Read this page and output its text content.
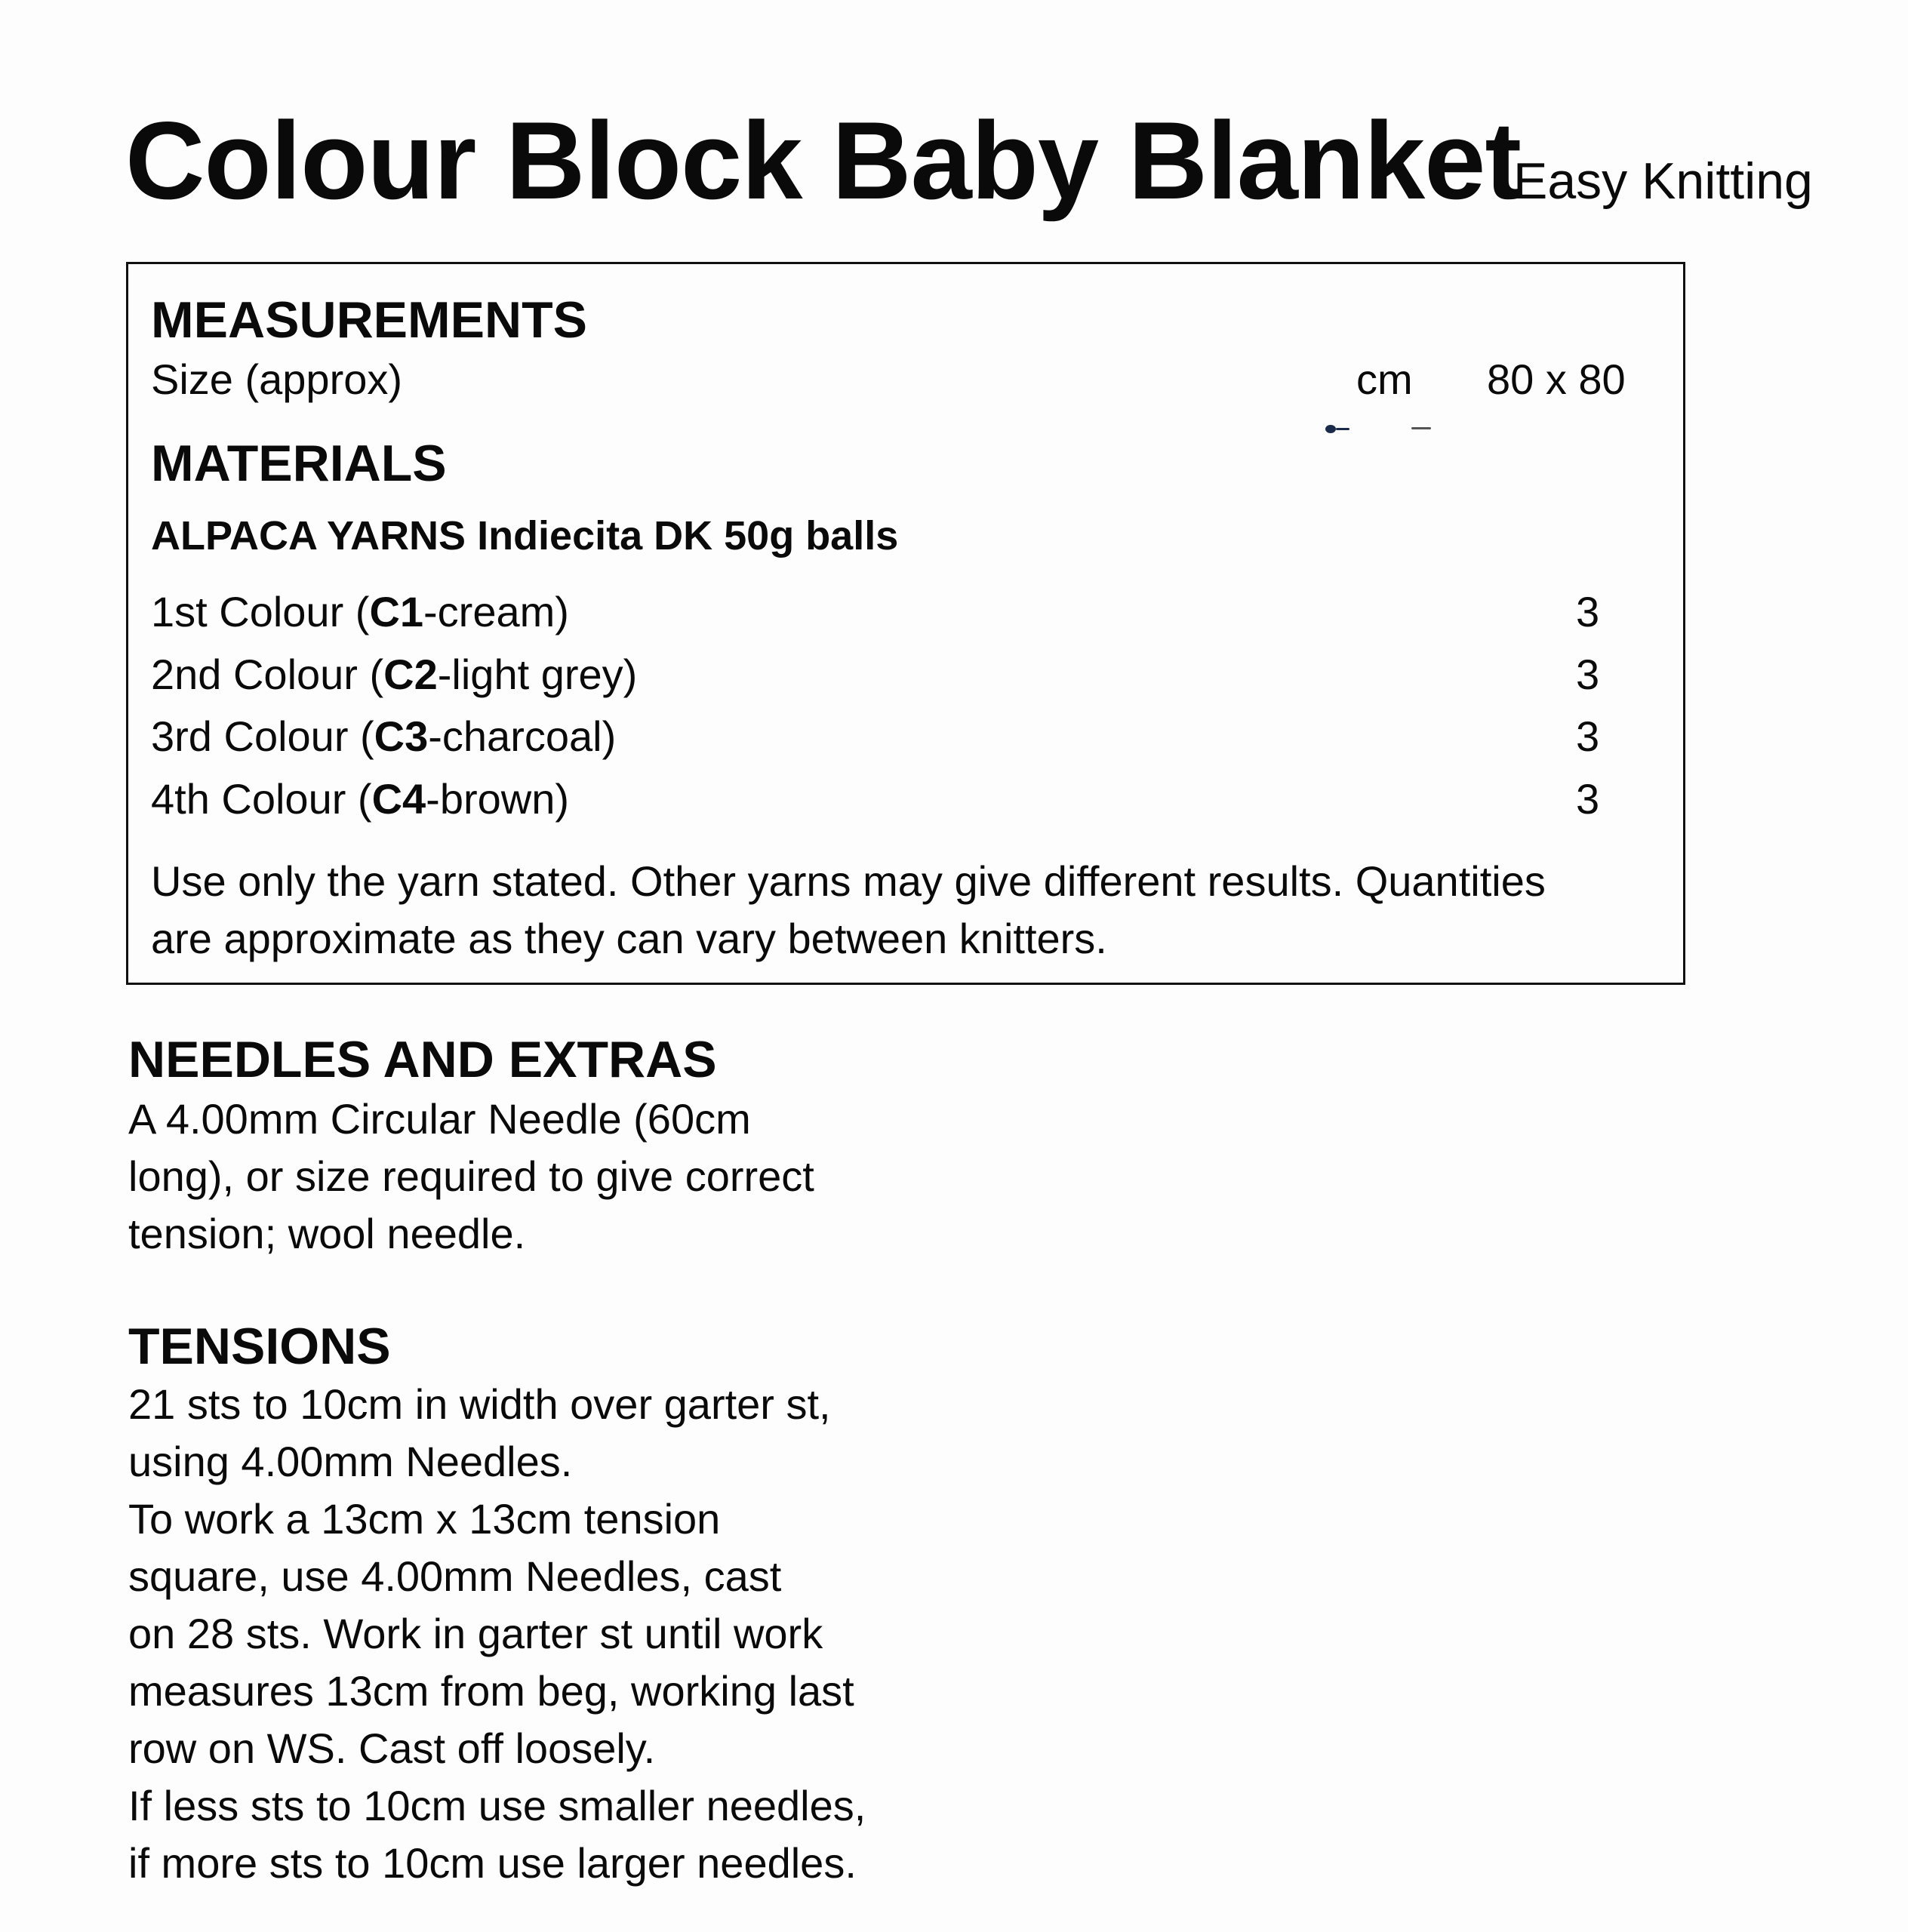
Colour Block Baby Blanket
Easy Knitting
MEASUREMENTS
Size (approx)	cm 80 x 80
MATERIALS
ALPACA YARNS Indiecita DK 50g balls
1st Colour (C1-cream)	3
2nd Colour (C2-light grey)	3
3rd Colour (C3-charcoal)	3
4th Colour (C4-brown)	3
Use only the yarn stated. Other yarns may give different results. Quantities
are approximate as they can vary between knitters.
NEEDLES AND EXTRAS
A 4.00mm Circular Needle (60cm
long), or size required to give correct
tension; wool needle.
TENSIONS
21 sts to 10cm in width over garter st,
using 4.00mm Needles.
To work a 13cm x 13cm tension
square, use 4.00mm Needles, cast
on 28 sts. Work in garter st until work
measures 13cm from beg, working last
row on WS. Cast off loosely.
If less sts to 10cm use smaller needles,
if more sts to 10cm use larger needles.
